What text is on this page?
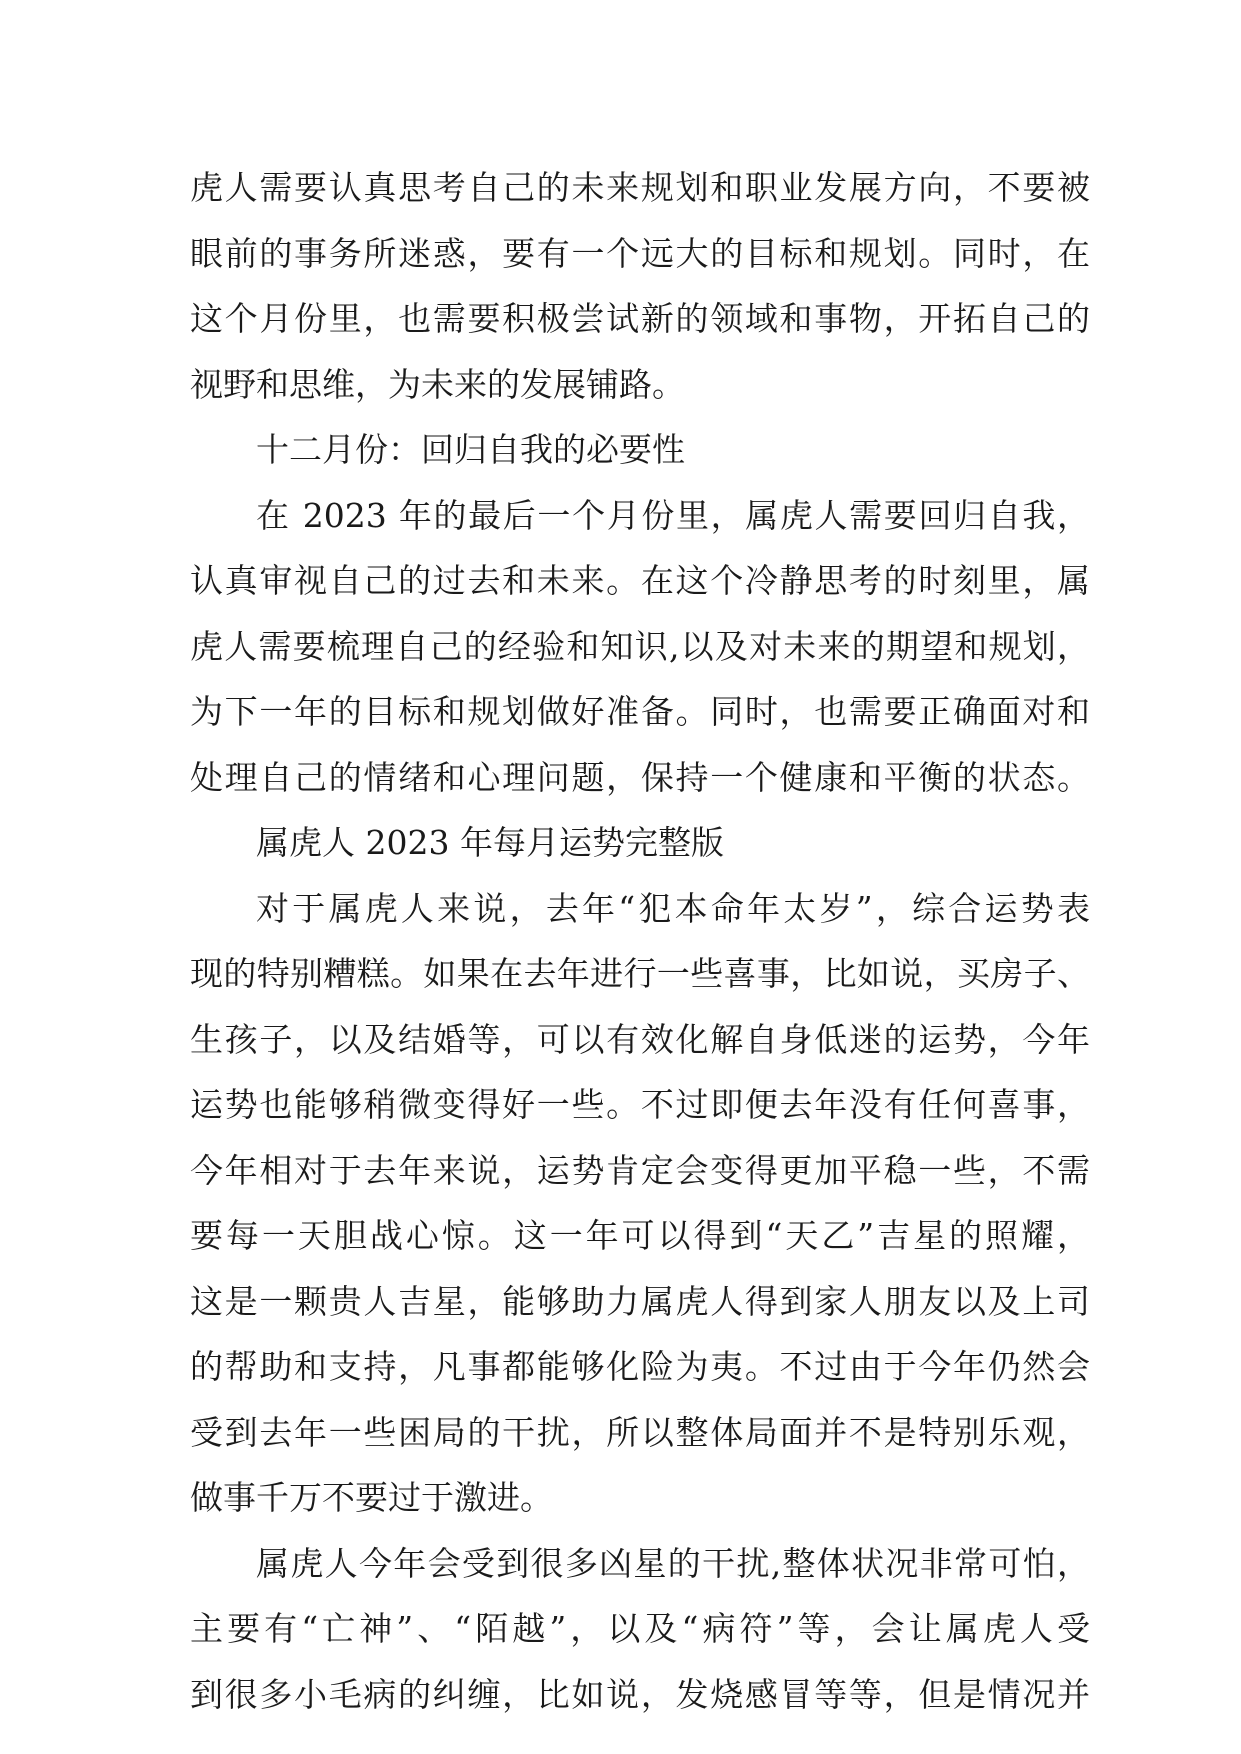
虎人需要认真思考自己的未来规划和职业发展方向，不要被
眼前的事务所迷惑，要有一个远大的目标和规划。同时，在
这个月份里，也需要积极尝试新的领域和事物，开拓自己的
视野和思维，为未来的发展铺路。
十二月份：回归自我的必要性
在 2023 年的最后一个月份里，属虎人需要回归自我，
认真审视自己的过去和未来。在这个冷静思考的时刻里，属
虎人需要梳理自己的经验和知识,以及对未来的期望和规划，
为下一年的目标和规划做好准备。同时，也需要正确面对和
处理自己的情绪和心理问题，保持一个健康和平衡的状态。
属虎人 2023 年每月运势完整版
对于属虎人来说，去年“犯本命年太岁”，综合运势表
现的特别糟糕。如果在去年进行一些喜事，比如说，买房子、
生孩子，以及结婚等，可以有效化解自身低迷的运势，今年
运势也能够稍微变得好一些。不过即便去年没有任何喜事，
今年相对于去年来说，运势肯定会变得更加平稳一些，不需
要每一天胆战心惊。这一年可以得到“天乙”吉星的照耀，
这是一颗贵人吉星，能够助力属虎人得到家人朋友以及上司
的帮助和支持，凡事都能够化险为夷。不过由于今年仍然会
受到去年一些困局的干扰，所以整体局面并不是特别乐观，
做事千万不要过于激进。
属虎人今年会受到很多凶星的干扰,整体状况非常可怕，
主要有“亡神”、“陌越”，以及“病符”等，会让属虎人受
到很多小毛病的纠缠，比如说，发烧感冒等等，但是情况并
